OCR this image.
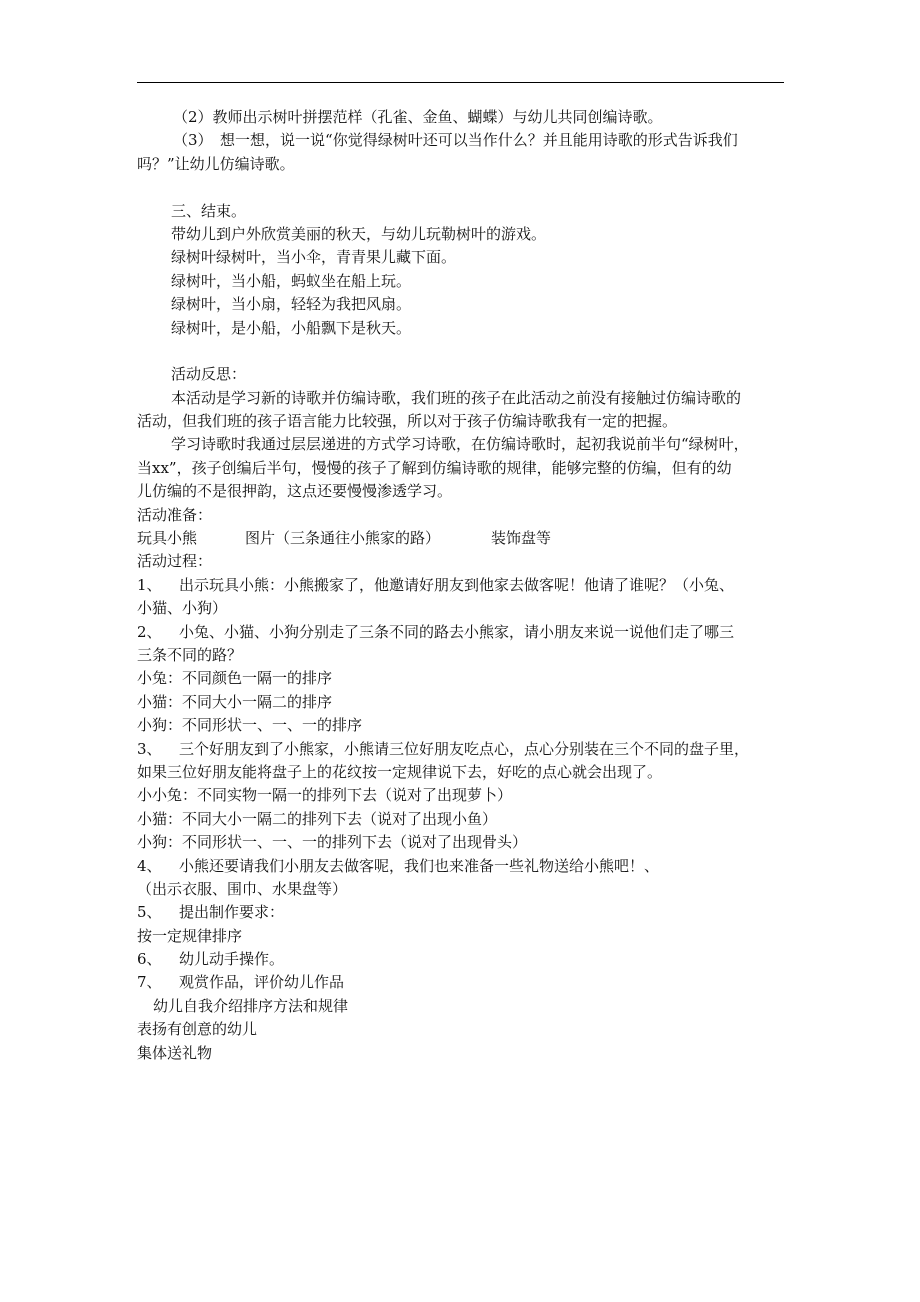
（2）教师出示树叶拼摆范样（孔雀、金鱼、蝴蝶）与幼儿共同创编诗歌。
（3）　想一想，说一说“你觉得绿树叶还可以当作什么？并且能用诗歌的形式告诉我们
吗？”让幼儿仿编诗歌。
三、结束。
带幼儿到户外欣赏美丽的秋天，与幼儿玩勒树叶的游戏。
绿树叶绿树叶，当小伞，青青果儿藏下面。
绿树叶，当小船，蚂蚁坐在船上玩。
绿树叶，当小扇，轻轻为我把风扇。
绿树叶，是小船，小船飘下是秋天。
活动反思：
本活动是学习新的诗歌并仿编诗歌，我们班的孩子在此活动之前没有接触过仿编诗歌的
活动，但我们班的孩子语言能力比较强，所以对于孩子仿编诗歌我有一定的把握。
学习诗歌时我通过层层递进的方式学习诗歌，在仿编诗歌时，起初我说前半句“绿树叶，
当xx”，孩子创编后半句，慢慢的孩子了解到仿编诗歌的规律，能够完整的仿编，但有的幼
儿仿编的不是很押韵，这点还要慢慢渗透学习。
活动准备：
玩具小熊	图片（三条通往小熊家的路）	装饰盘等
活动过程：
1、 出示玩具小熊：小熊搬家了，他邀请好朋友到他家去做客呢！他请了谁呢？（小兔、
小猫、小狗）
2、 小兔、小猫、小狗分别走了三条不同的路去小熊家，请小朋友来说一说他们走了哪三
三条不同的路？
小兔：不同颜色一隔一的排序
小猫：不同大小一隔二的排序
小狗：不同形状一、一、一的排序
3、 三个好朋友到了小熊家，小熊请三位好朋友吃点心，点心分别装在三个不同的盘子里，
如果三位好朋友能将盘子上的花纹按一定规律说下去，好吃的点心就会出现了。
小小兔：不同实物一隔一的排列下去（说对了出现萝卜）
小猫：不同大小一隔二的排列下去（说对了出现小鱼）
小狗：不同形状一、一、一的排列下去（说对了出现骨头）
4、 小熊还要请我们小朋友去做客呢，我们也来准备一些礼物送给小熊吧！、
（出示衣服、围巾、水果盘等）
5、 提出制作要求：
按一定规律排序
6、 幼儿动手操作。
7、 观赏作品，评价幼儿作品
幼儿自我介绍排序方法和规律
表扬有创意的幼儿
集体送礼物
